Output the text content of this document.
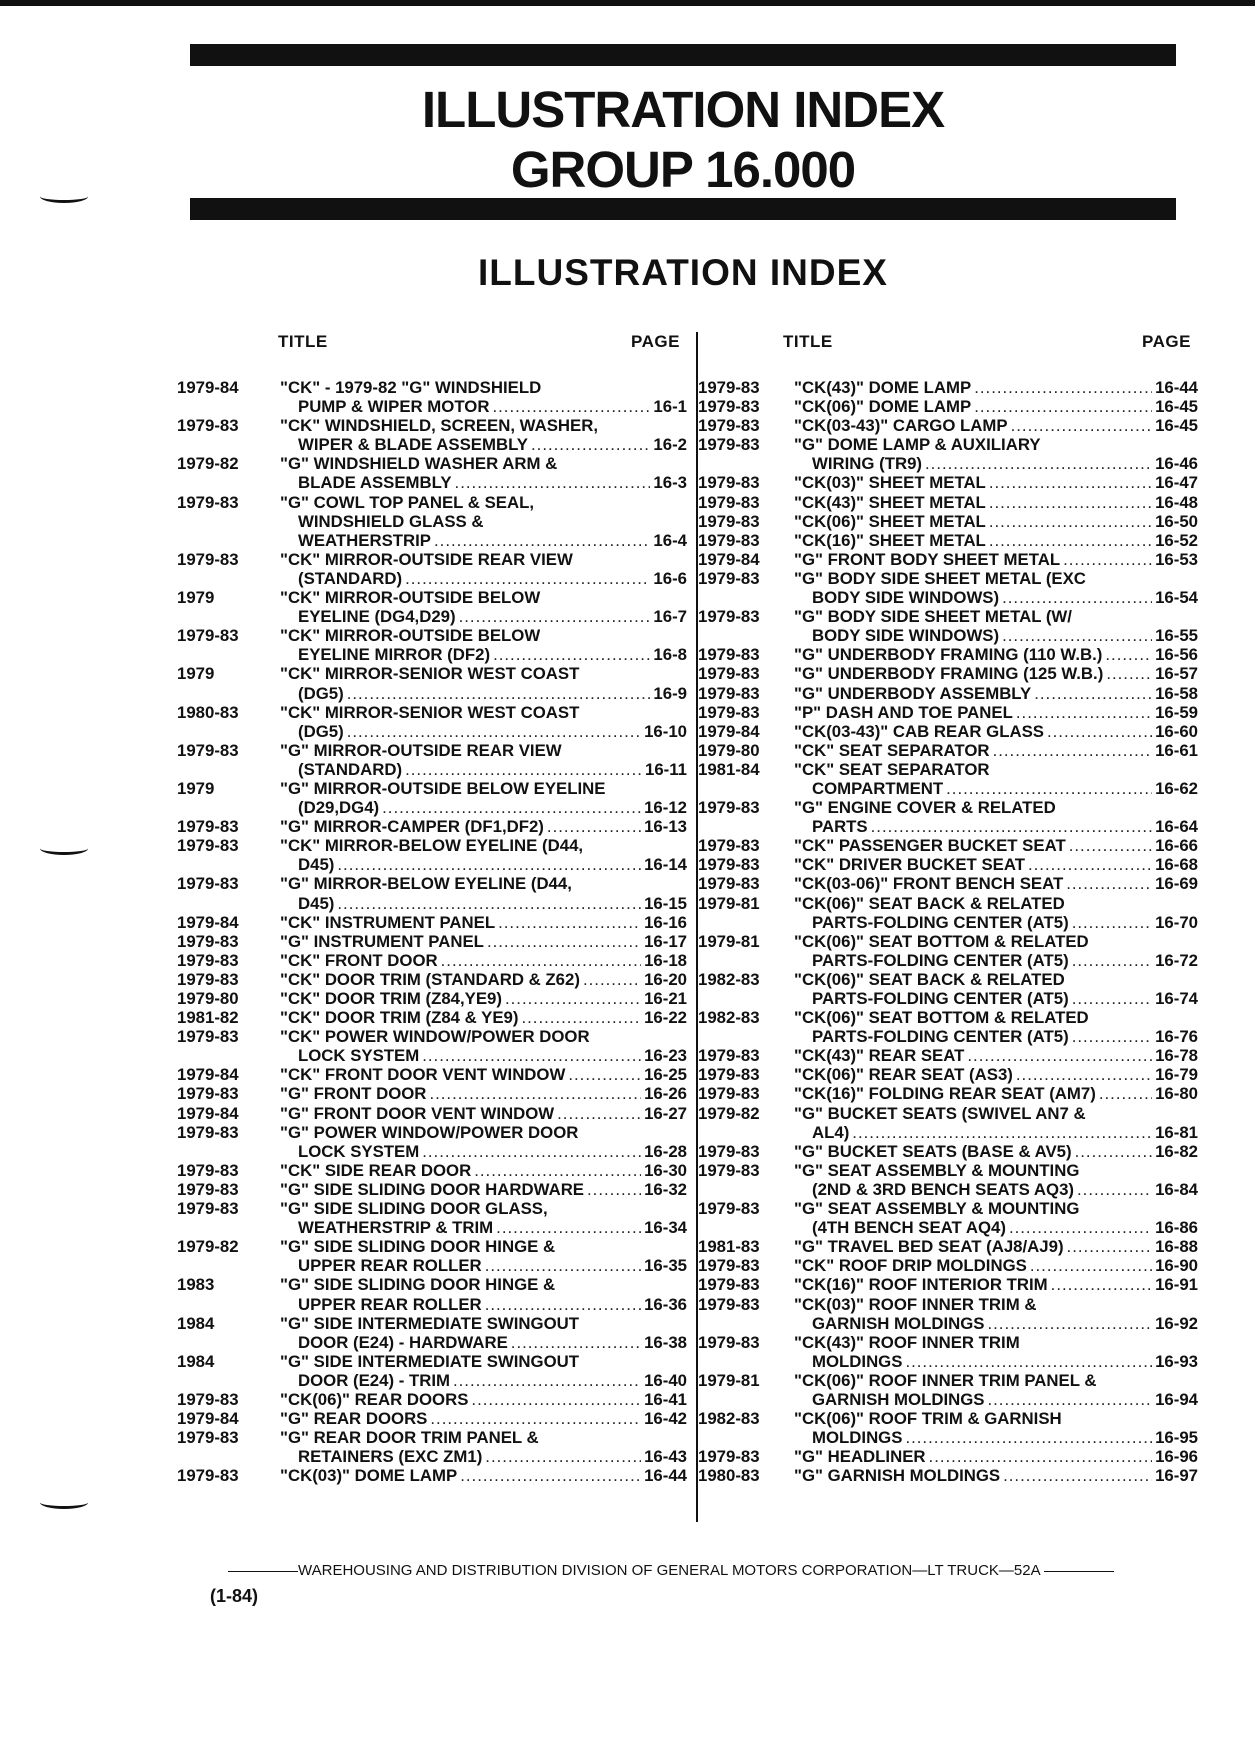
ILLUSTRATION INDEX
GROUP 16.000
ILLUSTRATION INDEX
TITLE	PAGE	TITLE	PAGE
1979-84	"CK" - 1979-82 "G" WINDSHIELD
PUMP & WIPER MOTOR .....	16-1
1979-83	"CK" WINDSHIELD, SCREEN, WASHER,
WIPER & BLADE ASSEMBLY .....	16-2
1979-82	"G" WINDSHIELD WASHER ARM &
BLADE ASSEMBLY .....	16-3
1979-83	"G" COWL TOP PANEL & SEAL,
WINDSHIELD GLASS &
WEATHERSTRIP .....	16-4
1979-83	"CK" MIRROR-OUTSIDE REAR VIEW
(STANDARD) .....	16-6
1979	"CK" MIRROR-OUTSIDE BELOW
EYELINE (DG4,D29) .....	16-7
1979-83	"CK" MIRROR-OUTSIDE BELOW
EYELINE MIRROR (DF2) .....	16-8
1979	"CK" MIRROR-SENIOR WEST COAST
(DG5) .....	16-9
1980-83	"CK" MIRROR-SENIOR WEST COAST
(DG5) .....	16-10
1979-83	"G" MIRROR-OUTSIDE REAR VIEW
(STANDARD) .....	16-11
1979	"G" MIRROR-OUTSIDE BELOW EYELINE
(D29,DG4) .....	16-12
1979-83	"G" MIRROR-CAMPER (DF1,DF2) .....	16-13
1979-83	"CK" MIRROR-BELOW EYELINE (D44,
D45) .....	16-14
1979-83	"G" MIRROR-BELOW EYELINE (D44,
D45) .....	16-15
1979-84	"CK" INSTRUMENT PANEL .....	16-16
1979-83	"G" INSTRUMENT PANEL .....	16-17
1979-83	"CK" FRONT DOOR .....	16-18
1979-83	"CK" DOOR TRIM (STANDARD & Z62) .....	16-20
1979-80	"CK" DOOR TRIM (Z84,YE9) .....	16-21
1981-82	"CK" DOOR TRIM (Z84 & YE9) .....	16-22
1979-83	"CK" POWER WINDOW/POWER DOOR
LOCK SYSTEM .....	16-23
1979-84	"CK" FRONT DOOR VENT WINDOW .....	16-25
1979-83	"G" FRONT DOOR .....	16-26
1979-84	"G" FRONT DOOR VENT WINDOW .....	16-27
1979-83	"G" POWER WINDOW/POWER DOOR
LOCK SYSTEM .....	16-28
1979-83	"CK" SIDE REAR DOOR .....	16-30
1979-83	"G" SIDE SLIDING DOOR HARDWARE .....	16-32
1979-83	"G" SIDE SLIDING DOOR GLASS,
WEATHERSTRIP & TRIM .....	16-34
1979-82	"G" SIDE SLIDING DOOR HINGE &
UPPER REAR ROLLER .....	16-35
1983	"G" SIDE SLIDING DOOR HINGE &
UPPER REAR ROLLER .....	16-36
1984	"G" SIDE INTERMEDIATE SWINGOUT
DOOR (E24) - HARDWARE .....	16-38
1984	"G" SIDE INTERMEDIATE SWINGOUT
DOOR (E24) - TRIM .....	16-40
1979-83	"CK(06)" REAR DOORS .....	16-41
1979-84	"G" REAR DOORS .....	16-42
1979-83	"G" REAR DOOR TRIM PANEL &
RETAINERS (EXC ZM1) .....	16-43
1979-83	"CK(03)" DOME LAMP .....	16-44
1979-83	"CK(43)" DOME LAMP .....	16-44
1979-83	"CK(06)" DOME LAMP .....	16-45
1979-83	"CK(03-43)" CARGO LAMP .....	16-45
1979-83	"G" DOME LAMP & AUXILIARY
WIRING (TR9) .....	16-46
1979-83	"CK(03)" SHEET METAL .....	16-47
1979-83	"CK(43)" SHEET METAL .....	16-48
1979-83	"CK(06)" SHEET METAL .....	16-50
1979-83	"CK(16)" SHEET METAL .....	16-52
1979-84	"G" FRONT BODY SHEET METAL .....	16-53
1979-83	"G" BODY SIDE SHEET METAL (EXC
BODY SIDE WINDOWS) .....	16-54
1979-83	"G" BODY SIDE SHEET METAL (W/
BODY SIDE WINDOWS) .....	16-55
1979-83	"G" UNDERBODY FRAMING (110 W.B.) .....	16-56
1979-83	"G" UNDERBODY FRAMING (125 W.B.) .....	16-57
1979-83	"G" UNDERBODY ASSEMBLY .....	16-58
1979-83	"P" DASH AND TOE PANEL .....	16-59
1979-84	"CK(03-43)" CAB REAR GLASS .....	16-60
1979-80	"CK" SEAT SEPARATOR .....	16-61
1981-84	"CK" SEAT SEPARATOR
COMPARTMENT .....	16-62
1979-83	"G" ENGINE COVER & RELATED
PARTS .....	16-64
1979-83	"CK" PASSENGER BUCKET SEAT .....	16-66
1979-83	"CK" DRIVER BUCKET SEAT .....	16-68
1979-83	"CK(03-06)" FRONT BENCH SEAT .....	16-69
1979-81	"CK(06)" SEAT BACK & RELATED
PARTS-FOLDING CENTER (AT5) .....	16-70
1979-81	"CK(06)" SEAT BOTTOM & RELATED
PARTS-FOLDING CENTER (AT5) .....	16-72
1982-83	"CK(06)" SEAT BACK & RELATED
PARTS-FOLDING CENTER (AT5) .....	16-74
1982-83	"CK(06)" SEAT BOTTOM & RELATED
PARTS-FOLDING CENTER (AT5) .....	16-76
1979-83	"CK(43)" REAR SEAT .....	16-78
1979-83	"CK(06)" REAR SEAT (AS3) .....	16-79
1979-83	"CK(16)" FOLDING REAR SEAT (AM7) .....	16-80
1979-82	"G" BUCKET SEATS (SWIVEL AN7 &
AL4) .....	16-81
1979-83	"G" BUCKET SEATS (BASE & AV5) .....	16-82
1979-83	"G" SEAT ASSEMBLY & MOUNTING
(2ND & 3RD BENCH SEATS AQ3) .....	16-84
1979-83	"G" SEAT ASSEMBLY & MOUNTING
(4TH BENCH SEAT AQ4) .....	16-86
1981-83	"G" TRAVEL BED SEAT (AJ8/AJ9) .....	16-88
1979-83	"CK" ROOF DRIP MOLDINGS .....	16-90
1979-83	"CK(16)" ROOF INTERIOR TRIM .....	16-91
1979-83	"CK(03)" ROOF INNER TRIM &
GARNISH MOLDINGS .....	16-92
1979-83	"CK(43)" ROOF INNER TRIM
MOLDINGS .....	16-93
1979-81	"CK(06)" ROOF INNER TRIM PANEL &
GARNISH MOLDINGS .....	16-94
1982-83	"CK(06)" ROOF TRIM & GARNISH
MOLDINGS .....	16-95
1979-83	"G" HEADLINER .....	16-96
1980-83	"G" GARNISH MOLDINGS .....	16-97
WAREHOUSING AND DISTRIBUTION DIVISION OF GENERAL MOTORS CORPORATION—LT TRUCK—52A
(1-84)
